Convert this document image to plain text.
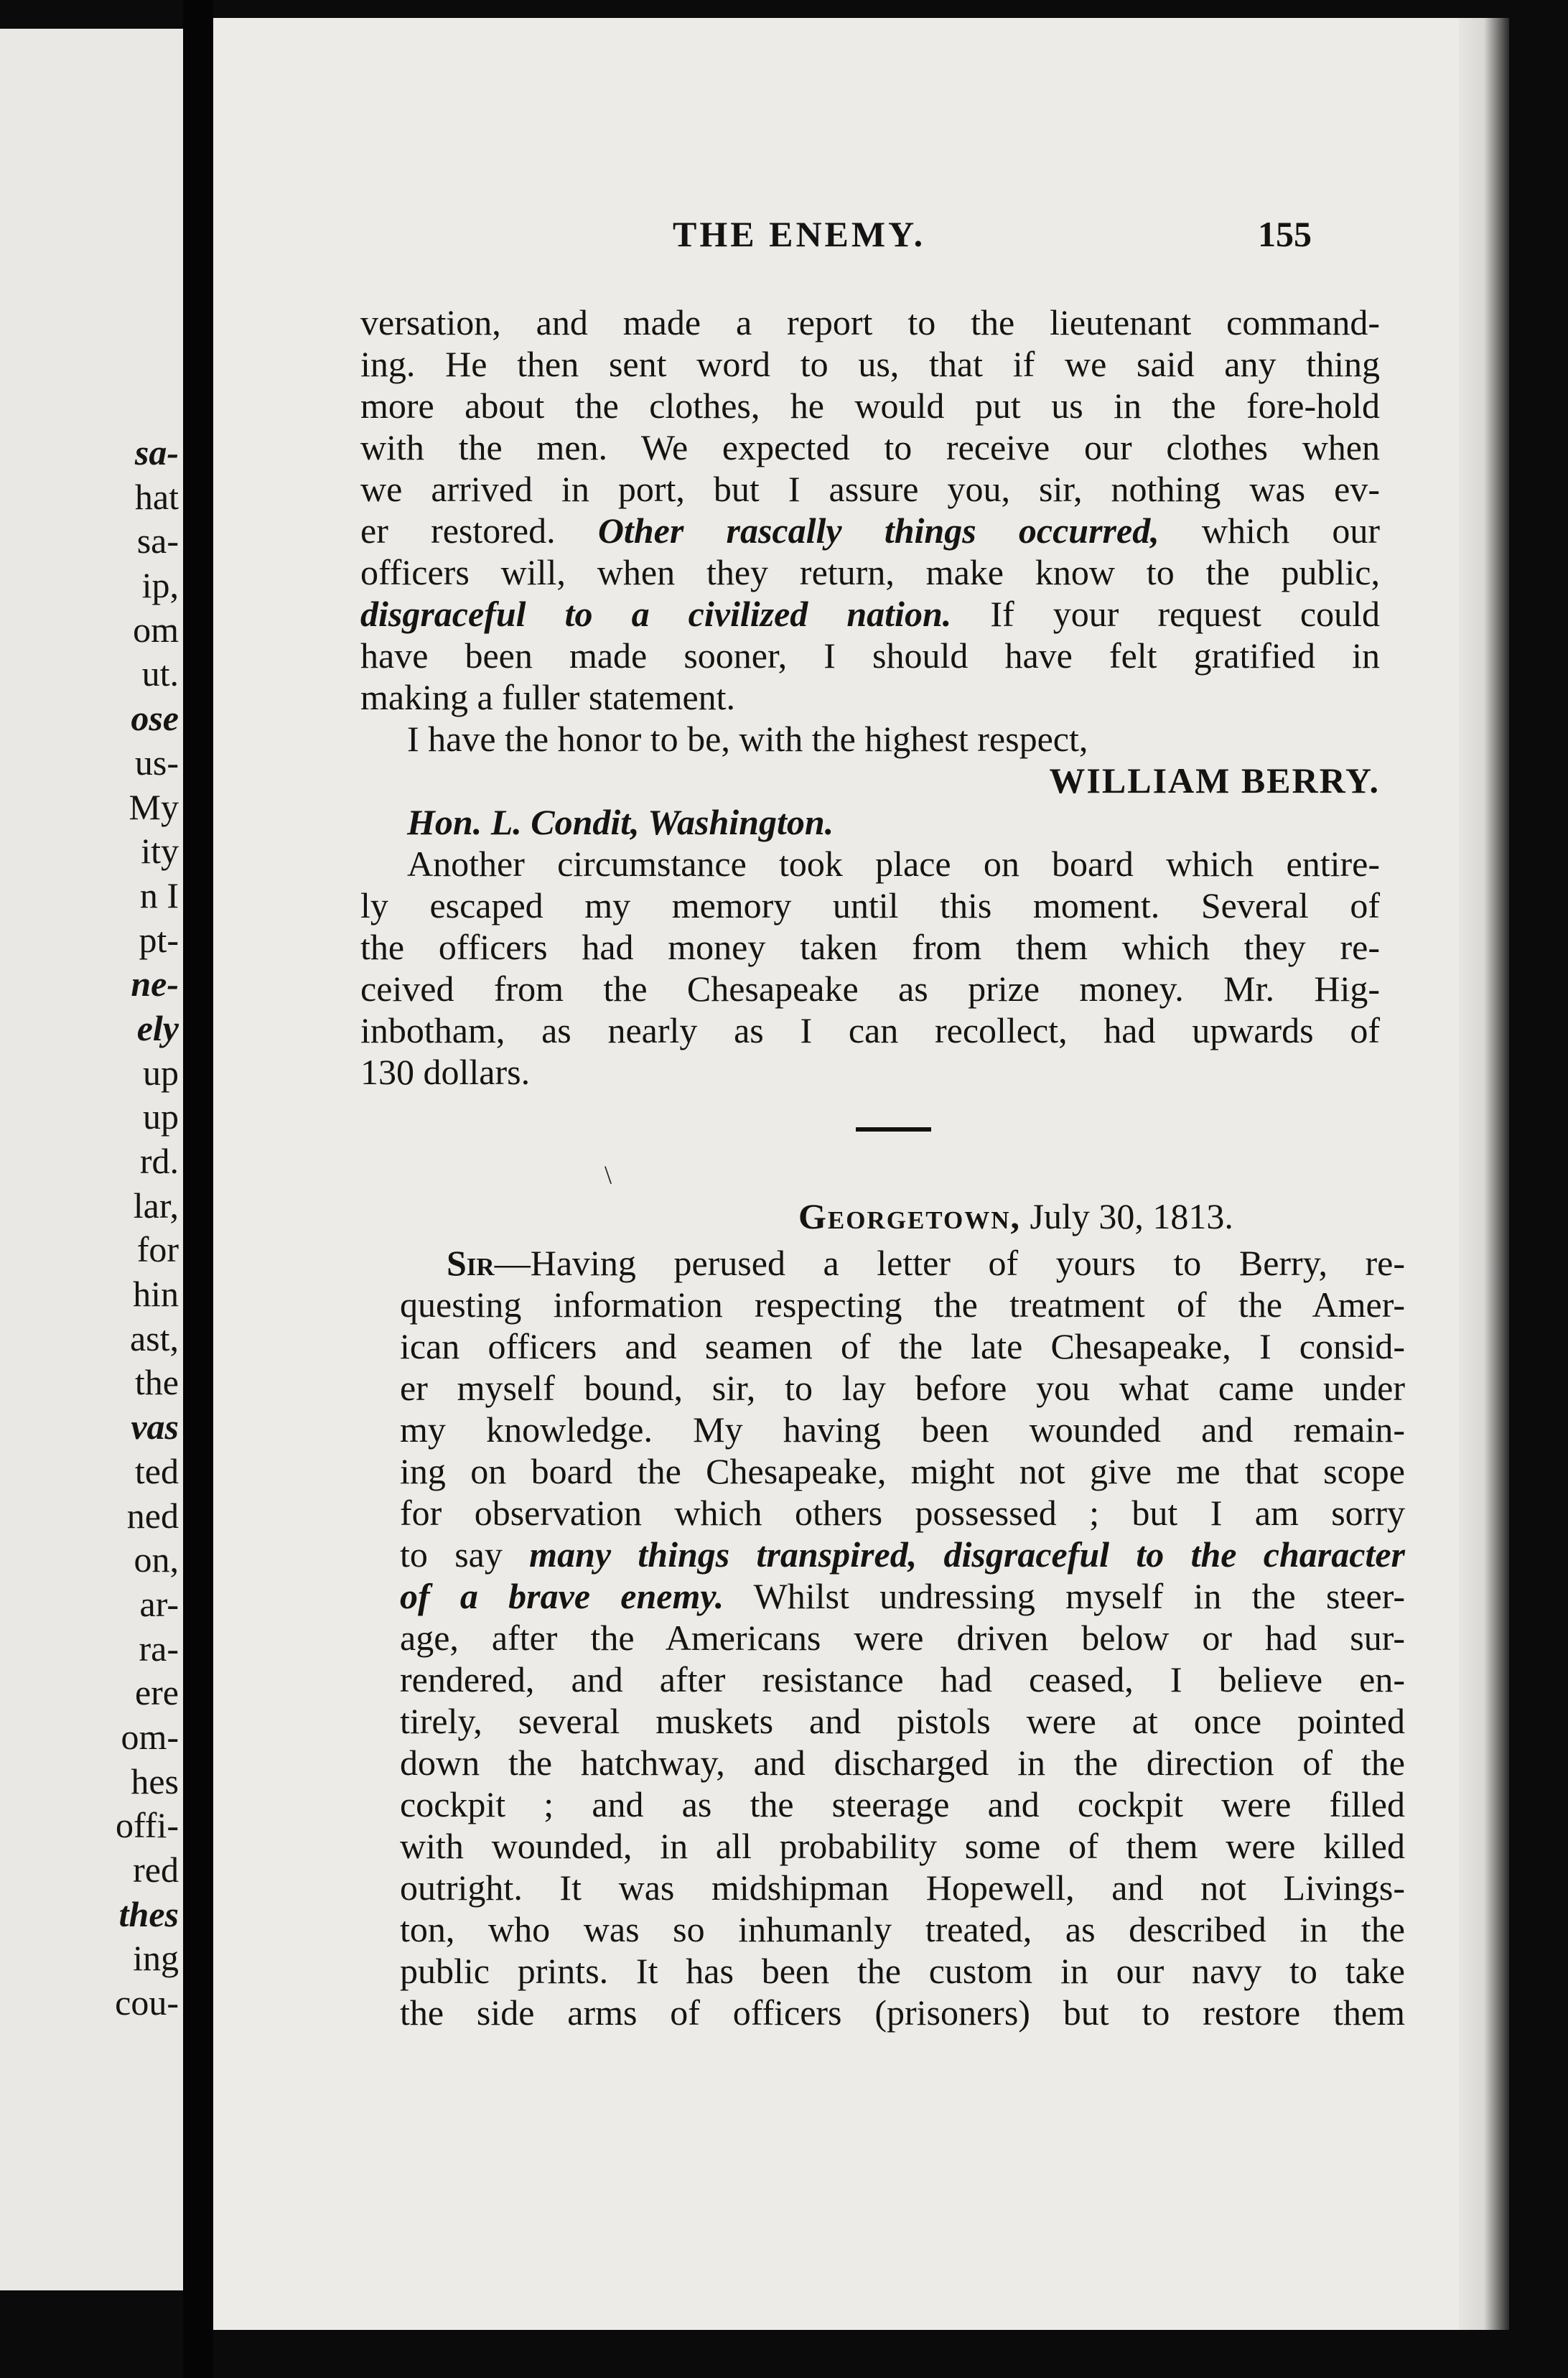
sa-
hat
sa-
ip,
om
ut.
ose
us-
My
ity
n I
pt-
ne-
ely
up
up
rd.
lar,
for
hin
ast,
the
vas
ted
ned
on,
ar-
ra-
ere
om-
hes
offi-
red
thes
ing
cou-
THE ENEMY.	155
versation, and made a report to the lieutenant command-
ing. He then sent word to us, that if we said any thing
more about the clothes, he would put us in the fore-hold
with the men. We expected to receive our clothes when
we arrived in port, but I assure you, sir, nothing was ev-
er restored. Other rascally things occurred, which our
officers will, when they return, make know to the public,
disgraceful to a civilized nation. If your request could
have been made sooner, I should have felt gratified in
making a fuller statement.
I have the honor to be, with the highest respect,
WILLIAM BERRY.
Hon. L. Condit, Washington.
Another circumstance took place on board which entire-
ly escaped my memory until this moment. Several of
the officers had money taken from them which they re-
ceived from the Chesapeake as prize money. Mr. Hig-
inbotham, as nearly as I can recollect, had upwards of
130 dollars.
\
Georgetown, July 30, 1813.
Sir—Having perused a letter of yours to Berry, re-
questing information respecting the treatment of the Amer-
ican officers and seamen of the late Chesapeake, I consid-
er myself bound, sir, to lay before you what came under
my knowledge. My having been wounded and remain-
ing on board the Chesapeake, might not give me that scope
for observation which others possessed ; but I am sorry
to say many things transpired, disgraceful to the character
of a brave enemy. Whilst undressing myself in the steer-
age, after the Americans were driven below or had sur-
rendered, and after resistance had ceased, I believe en-
tirely, several muskets and pistols were at once pointed
down the hatchway, and discharged in the direction of the
cockpit ; and as the steerage and cockpit were filled
with wounded, in all probability some of them were killed
outright. It was midshipman Hopewell, and not Livings-
ton, who was so inhumanly treated, as described in the
public prints. It has been the custom in our navy to take
the side arms of officers (prisoners) but to restore them
